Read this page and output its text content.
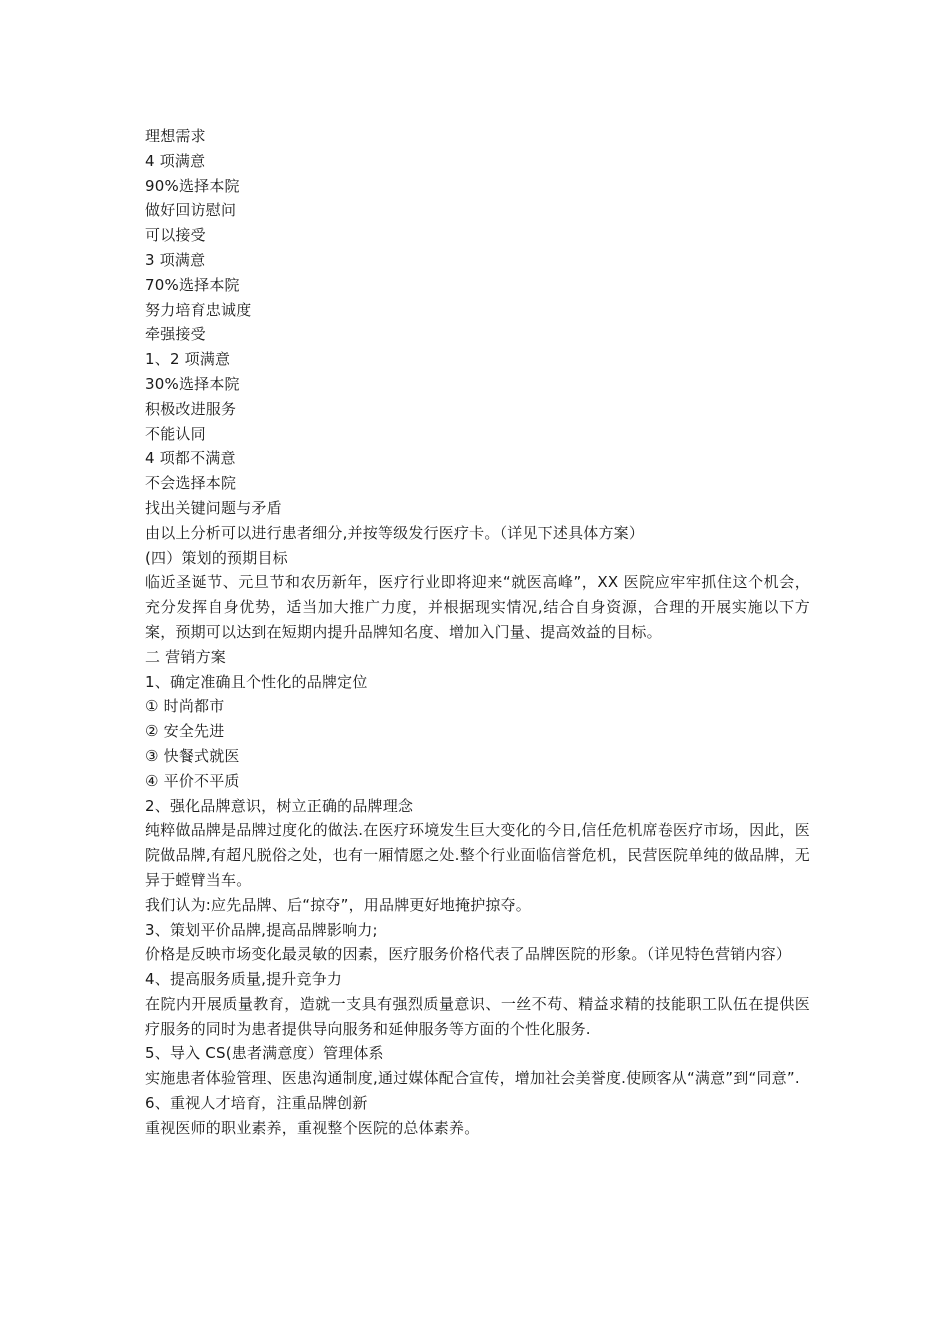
理想需求

4 项满意

90%选择本院

做好回访慰问

可以接受

3 项满意

70%选择本院

努力培育忠诚度

牵强接受

1、2 项满意

30%选择本院

积极改进服务

不能认同

4 项都不满意

不会选择本院

找出关键问题与矛盾

由以上分析可以进行患者细分,并按等级发行医疗卡。（详见下述具体方案）

(四）策划的预期目标

临近圣诞节、元旦节和农历新年，医疗行业即将迎来“就医高峰”，XX 医院应牢牢抓住这个机会，充分发挥自身优势，适当加大推广力度，并根据现实情况,结合自身资源，合理的开展实施以下方案，预期可以达到在短期内提升品牌知名度、增加入门量、提高效益的目标。

二 营销方案

1、确定准确且个性化的品牌定位

① 时尚都市

② 安全先进

③ 快餐式就医

④ 平价不平质

2、强化品牌意识，树立正确的品牌理念

纯粹做品牌是品牌过度化的做法.在医疗环境发生巨大变化的今日,信任危机席卷医疗市场，因此，医院做品牌,有超凡脱俗之处，也有一厢情愿之处.整个行业面临信誉危机，民营医院单纯的做品牌，无异于螳臂当车。

我们认为:应先品牌、后“掠夺”，用品牌更好地掩护掠夺。

3、策划平价品牌,提高品牌影响力;

价格是反映市场变化最灵敏的因素，医疗服务价格代表了品牌医院的形象。（详见特色营销内容）

4、提高服务质量,提升竞争力

在院内开展质量教育，造就一支具有强烈质量意识、一丝不苟、精益求精的技能职工队伍在提供医疗服务的同时为患者提供导向服务和延伸服务等方面的个性化服务.

5、导入 CS(患者满意度）管理体系

实施患者体验管理、医患沟通制度,通过媒体配合宣传，增加社会美誉度.使顾客从“满意”到“同意”.

6、重视人才培育，注重品牌创新

重视医师的职业素养，重视整个医院的总体素养。
